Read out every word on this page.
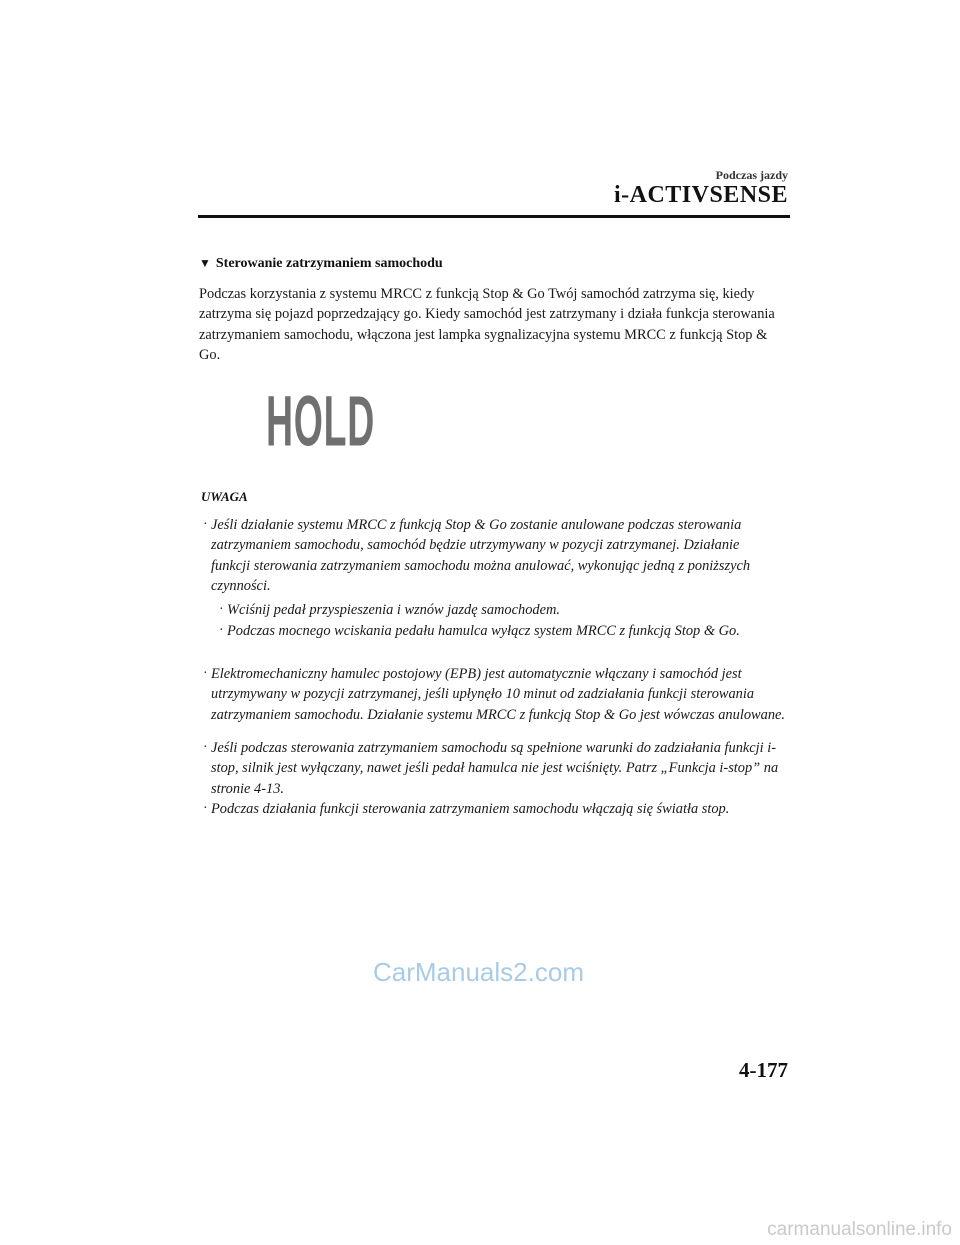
Podczas jazdy
i-ACTIVSENSE
▼ Sterowanie zatrzymaniem samochodu
Podczas korzystania z systemu MRCC z funkcją Stop & Go Twój samochód zatrzyma się, kiedy zatrzyma się pojazd poprzedzający go. Kiedy samochód jest zatrzymany i działa funkcja sterowania zatrzymaniem samochodu, włączona jest lampka sygnalizacyjna systemu MRCC z funkcją Stop & Go.
HOLD
UWAGA
· Jeśli działanie systemu MRCC z funkcją Stop & Go zostanie anulowane podczas sterowania zatrzymaniem samochodu, samochód będzie utrzymywany w pozycji zatrzymanej. Działanie funkcji sterowania zatrzymaniem samochodu można anulować, wykonując jedną z poniższych czynności.
· Wciśnij pedał przyspieszenia i wznów jazdę samochodem.
· Podczas mocnego wciskania pedału hamulca wyłącz system MRCC z funkcją Stop & Go.
· Elektromechaniczny hamulec postojowy (EPB) jest automatycznie włączany i samochód jest utrzymywany w pozycji zatrzymanej, jeśli upłynęło 10 minut od zadziałania funkcji sterowania zatrzymaniem samochodu. Działanie systemu MRCC z funkcją Stop & Go jest wówczas anulowane.
· Jeśli podczas sterowania zatrzymaniem samochodu są spełnione warunki do zadziałania funkcji i-stop, silnik jest wyłączany, nawet jeśli pedał hamulca nie jest wciśnięty. Patrz „Funkcja i-stop” na stronie 4-13.
· Podczas działania funkcji sterowania zatrzymaniem samochodu włączają się światła stop.
CarManuals2.com
4-177
carmanualsonline.info
